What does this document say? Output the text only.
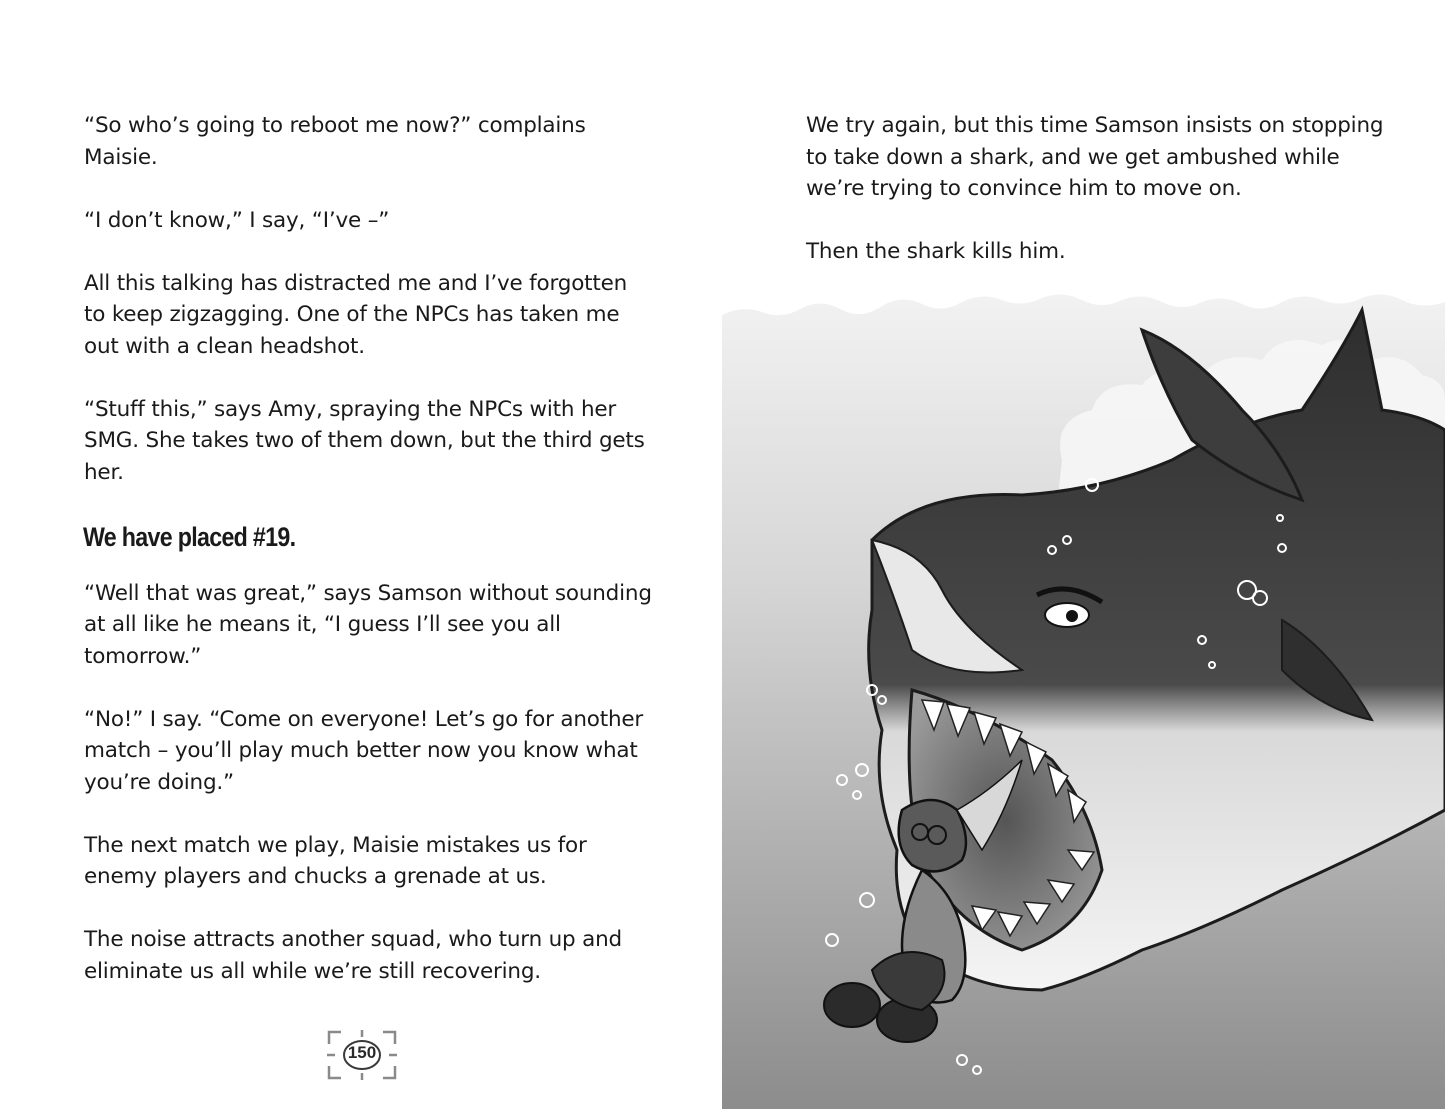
“So who’s going to reboot me now?” complains Maisie.

“I don’t know,” I say, “I’ve –”

All this talking has distracted me and I’ve forgotten to keep zigzagging. One of the NPCs has taken me out with a clean headshot.

“Stuff this,” says Amy, spraying the NPCs with her SMG. She takes two of them down, but the third gets her.

We have placed #19.

“Well that was great,” says Samson without sounding at all like he means it, “I guess I’ll see you all tomorrow.”

“No!” I say. “Come on everyone! Let’s go for another match – you’ll play much better now you know what you’re doing.”

The next match we play, Maisie mistakes us for enemy players and chucks a grenade at us.

The noise attracts another squad, who turn up and eliminate us all while we’re still recovering.

150

We try again, but this time Samson insists on stopping to take down a shark, and we get ambushed while we’re trying to convince him to move on.

Then the shark kills him.
